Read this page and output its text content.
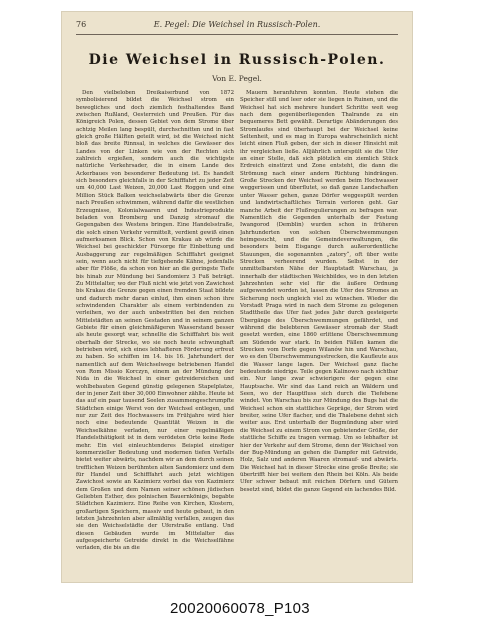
76	E. Pegel: Die Weichsel in Russisch-Polen.
Die Weichsel in Russisch-Polen.
Von E. Pegel.

Den vielbeloben Dreikaiserbund von 1872 symbolisierend bildet die Weichsel strom ein bewegliches und doch ziemlich festhaltendes Band zwischen Rußland, Oesterreich und Preußen. Für das Königreich Polen, dessen Gebiet von dem Strome über achtzig Meilen lang bespült, durchschnitten und in fast gleich große Hälften geteilt wird, ist die Weichsel nicht bloß das breite Rinnsal, in welches die Gewässer des Landes von der Linken wie von der Rechten sich zahlreich ergießen, sondern auch die wichtigste natürliche Verkehrsader, die in einem Lande des Ackerbaues von besonderer Bedeutung ist. Es handelt sich besonders gleichfalls in der Schifffahrt zu jeder Zeit um 40,000 Last Weizen, 20,000 Last Roggen und eine Million Stück Balken weichselabwärts über die Grenze nach Preußen schwimmen, während dafür die westlichen Erzeugnisse, Kolonialwaaren und Industrieprodukte beladen von Bromberg und Danzig stromauf die Gegengaben des Westens bringen. Eine Handelsstraße, die solch einen Verkehr vermittelt, verdient gewiß einen aufmerksamen Blick. Schon von Krakau ab würde die Weichsel bei geschickter Fürsorge für Einbettung und Ausbaggerung zur regelmäßigen Schifffahrt geeignet sein, wenn auch nicht für tiefgehende Kähne, jedenfalls aber für Flöße, da schon von hier an die geringste Tiefe bis hinab zur Mündung bei Sandomierz 3 Fuß beträgt. Zu Mittelalter, wo der Fluß nicht wie jetzt von Zawichost bis Krakau die Grenze gegen einen fremden Staat bildete und dadurch mehr daran einlud, ihm einen schon ihre schwindenden Charakter als einem verbindenden zu verleihen, wo der auch unbestritten bei den reichen Mittelstädten an seinen Gestaden und in seinem ganzen Gebiete für einen gleichmäßigeren Wasserstand besser als heute gesorgt war, schnellte die Schifffahrt bis weit oberhalb der Strecke, wo sie noch heute schwunghaft betrieben wird, sich eines lebhafteren Förderung erfreut zu haben. So schiffen im 14. bis 16. Jahrhundert der namentlich auf dem Weichselwege betriebenen Handel von Rom Missio Korczyn, einem an der Mündung der Nida in die Weichsel in einer getreidereichen und wohlbebauten Gegend günstig gelegenen Stapelplatze, der in jener Zeit über 30,000 Einwohner zählte. Heute ist das auf ein paar tausend Seelen zusammengeschrumpfte Städtchen einige Werst von der Weichsel entlegen, und nur zur Zeit des Hochwassers im Frühjahre wird hier noch eine bedeutende Quantität Weizen in die Weichselkähne verladen, nur einer regelmäßigen Handelsthätigkeit ist in dem verödeten Orte keine Rede mehr. Ein viel einleuchtenderes Beispiel einstiger kommerzieller Bedeutung und modernen tiefen Verfalls bietet weiter abwärts, nachdem wir an dem durch seinen trefflichen Weizen berühmten alten Sandomierz und dem für Handel und Schifffahrt auch jetzt wichtigen Zawichost sowie an Kazimierz vorbei das von Kazimierz dem Großen und dem Namen seiner schönen jüdischen Geliebten Esther, des polnischen Bauernkönigs, begabte Städtchen Kazimierz. Eine Reihe von Kirchen, Klostern, großartigen Speichern, massiv und heute gebaut, in den letzten Jahrzehnten aber allmählig verfallen, zeugen das sie den Weichselstädte der Uferstraße entlang. Und diesen Gebäuden wurde im Mittelalter das aufgespeicherte Getreide direkt in die Weichselfähne verladen, die bis an die

Mauern heranfuhren konnten. Heute stehen die Speicher still und leer oder sie liegen in Ruinen, und die Weichsel hat sich mehrere hundert Schritte weit weg nach dem gegenüberliegenden Thalrande zu ein bequemeres Bett gewählt. Derartige Abänderungen des Stromlaufes sind überhaupt bei der Weichsel keine Seltenheit, und es mag in Europa wahrscheinlich nicht leicht einen Fluß geben, der sich in dieser Hinsicht mit ihr vergleichen ließe. Alljährlich unterspült sie die Ufer an einer Stelle, daß sich plötzlich ein ziemlich Stück Erdreich einstürzt und Zone entsteht, die dann die Strömung nach einer andern Richtung hindrängen. Große Strecken der Weichsel werden beim Hochwasser weggerissen und überflutet, so daß ganze Landschaften unter Wasser gehen, ganze Dörfer weggespült werden und landwirtschaftliches Terrain verloren geht. Gar manche Arbeit der Flußregulierungen zu befragen war. Namentlich die Gegenden unterhalb der Festung Iwangorod (Demblin) wurden schon in früheren Jahrhunderten von solchen Überschwemmungen heimgesucht, und die Gemeindeverwaltungen, die besonders beim Eisgange durch außerordentliche Stauungen, die sogenannten „zatory“, oft über weite Strecken verheerend wurden. Selbst in der unmittelbarsten Nähe der Hauptstadt Warschau, ja innerhalb der städtischen Weichbildes, wo in den letzten Jahrzehnten sehr viel für die äußere Ordnung aufgewendet worden ist, lassen die Ufer des Stromes an Sicherung noch ungleich viel zu wünschen. Wieder die Vorstadt Praga wird in nach dem Strome zu gelegenen Stadttheile das Ufer fast jedes Jahr durch gesteigerte Übergänge des Überschwemmungen gefährdet, und während die belebteren Gewässer stromab der Stadt gesetzt werden, eine 1860 erlittene Überschwemmung am Südende war stark. In beiden Fällen kamen die Strecken vom Dorfe gegen Wilanów hin und Warschau, wo es den Überschwemmungsstrecken, die Kaufleute aus die Wasser lange lagen. Der Weichsel ganz flache bedeutende niedrige. Teile gegen Kalinowo nach sichtbar ein. Nur lange zwar schwierigere der gegen eine Hauptsache. Wir sind das Land reich an Wäldern und Seen, wo der Hauptfluss sich durch die Tiefebene windet. Von Warschau bis zur Mündung des Bugs hat die Weichsel schon ein stattliches Gepräge, der Strom wird breiter, seine Ufer flacher, und die Thalebene dehnt sich weiter aus. Erst unterhalb der Bugmündung aber wird die Weichsel zu einem Strom von gebietender Größe, der stattliche Schiffe zu tragen vermag. Um so lebhafter ist hier der Verkehr auf dem Strome, denn der Weichsel von der Bug-Mündung an gehen die Dampfer mit Getreide, Holz, Salz und anderen Waaren stromauf- und abwärts. Die Weichsel hat in dieser Strecke eine große Breite; sie übertrifft hier bei weitem den Rhein bei Köln. Als beide Ufer schwer bebaut mit reichen Dörfern und Gütern besetzt sind, bildet die ganze Gegend ein lachendes Bild.

20020060078_P103
